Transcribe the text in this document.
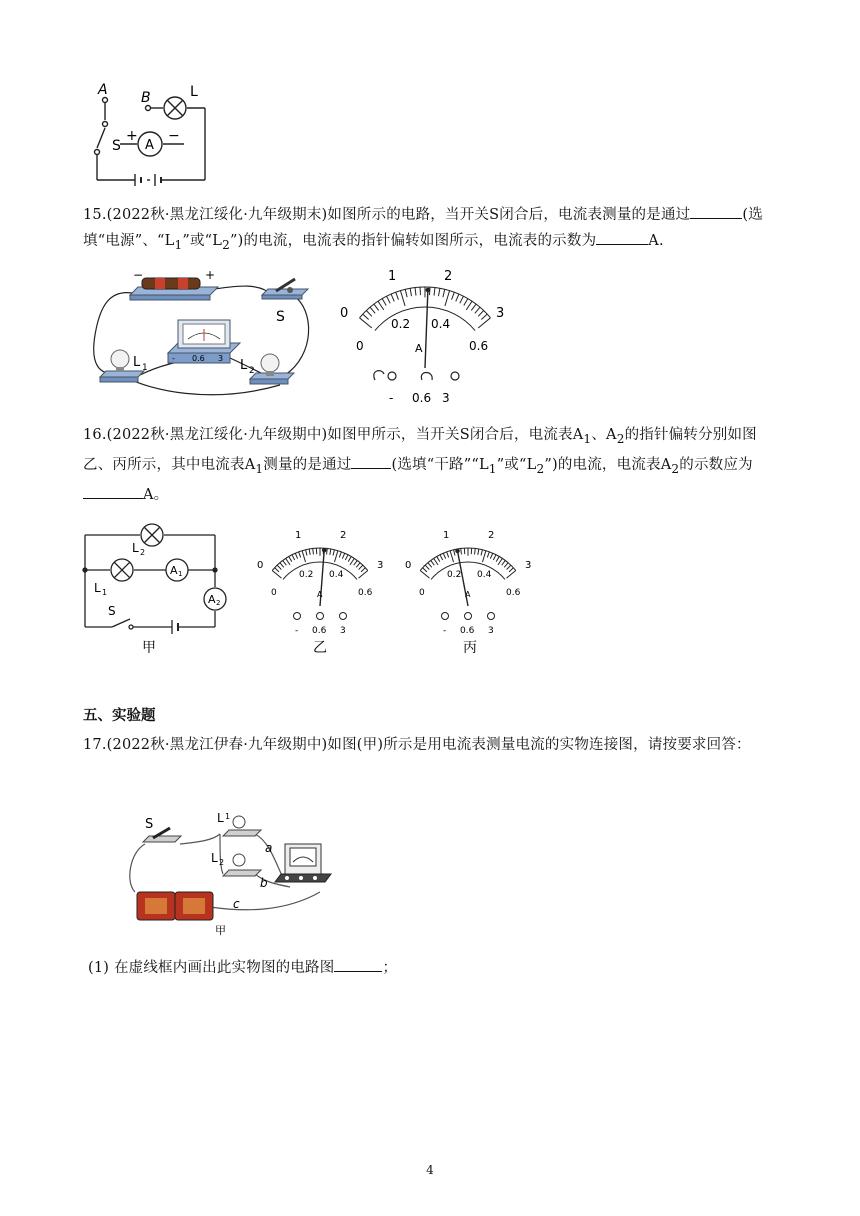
A B	L
S A
+ −
15.(2022秋·黑龙江绥化·九年级期末)如图所示的电路，当开关S闭合后，电流表测量的是通过	(选填“电源”、“$L_1$”或“$L_2$”)的电流，电流表的指针偏转如图所示，电流表的示数为	A.
−	+
S
- 0.6 3
L 1	L 2
0
1	2
3
0
0.2 0.4
0.6
A
- 0.6 3
16.(2022秋·黑龙江绥化·九年级期中)如图甲所示，当开关S闭合后，电流表$A_1$、$A_2$的指针偏转分别如图乙、丙所示，其中电流表$A_1$测量的是通过	(选填“干路$”“L_1$”或“$L_2$”)的电流，电流表$A_2$的示数应为A。
L 2
L 1
A 1
A 2
S
甲
0
1	2
3
0
0.2 0.4
0.6
A
- 0.6 3
乙
0
1	2
3
0
0.2 0.4
0.6
A
- 0.6 3
丙
五、实验题
17.(2022秋·黑龙江伊春·九年级期中)如图(甲)所示是用电流表测量电流的实物连接图，请按要求回答：
S	L 1
L 2
a
b
c
甲
(1) 在虚线框内画出此实物图的电路图	；
4
